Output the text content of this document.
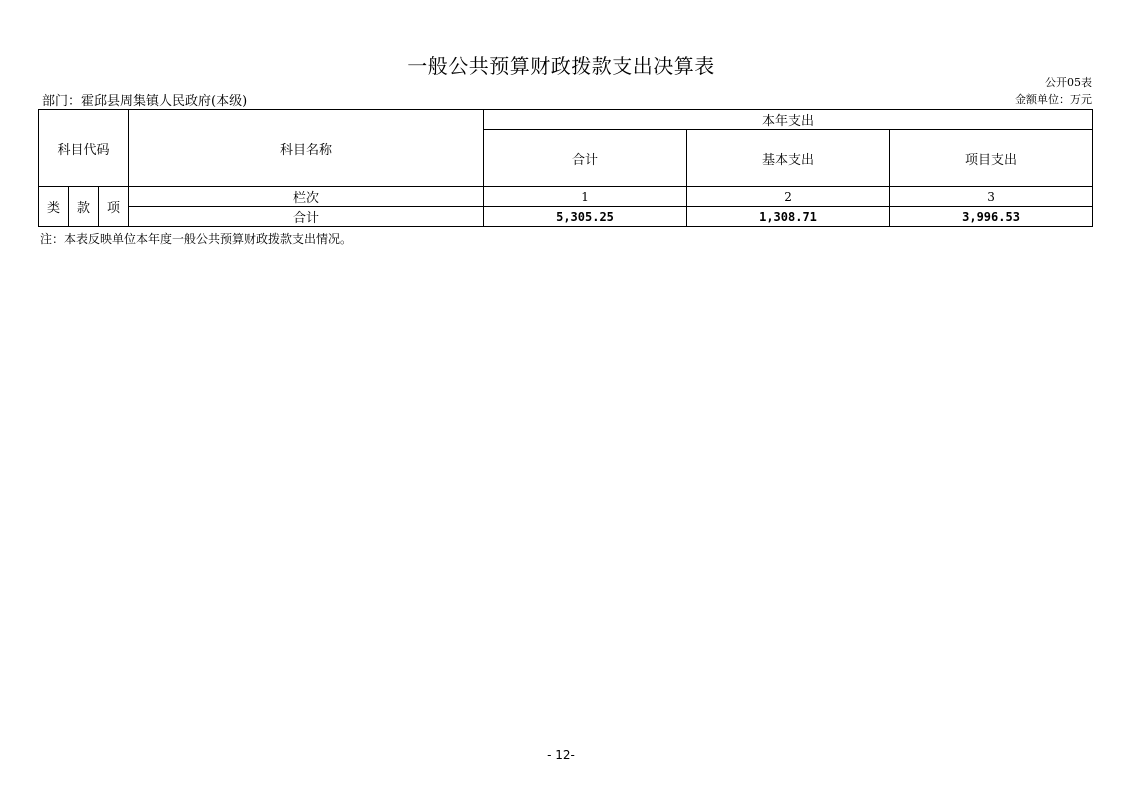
一般公共预算财政拨款支出决算表
公开05表
部门：霍邱县周集镇人民政府(本级)	金额单位：万元
科目代码			科目名称	本年支出		
				合计	基本支出	项目支出
类	款	项	栏次	1	2	3
			合计	5,305.25	1,308.71	3,996.53
注：本表反映单位本年度一般公共预算财政拨款支出情况。
- 12-
